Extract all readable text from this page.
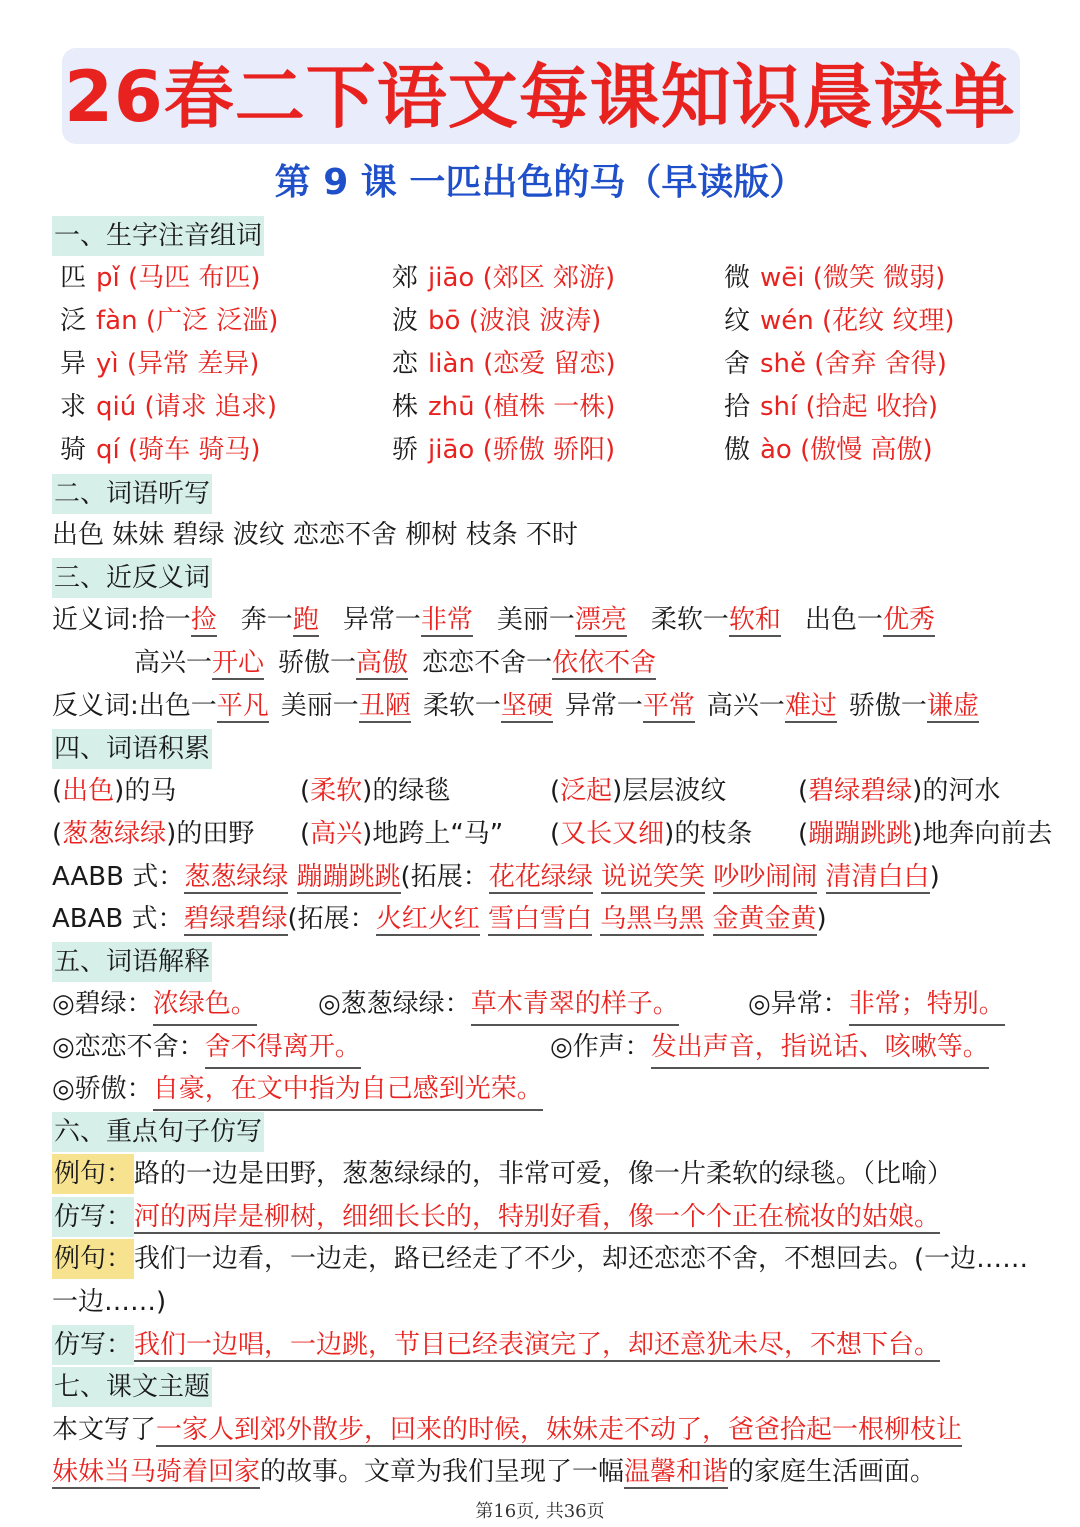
26春二下语文每课知识晨读单
第 9 课 一匹出色的马（早读版）
一、生字注音组词
匹 pǐ (马匹 布匹)	郊 jiāo (郊区 郊游)	微 wēi (微笑 微弱)
泛 fàn (广泛 泛滥)	波 bō (波浪 波涛)	纹 wén (花纹 纹理)
异 yì (异常 差异)	恋 liàn (恋爱 留恋)	舍 shě (舍弃 舍得)
求 qiú (请求 追求)	株 zhū (植株 一株)	拾 shí (拾起 收拾)
骑 qí (骑车 骑马)	骄 jiāo (骄傲 骄阳)	傲 ào (傲慢 高傲)
二、词语听写
出色 妹妹 碧绿 波纹 恋恋不舍 柳树 枝条 不时
三、近反义词
近义词:拾一捡 奔一跑 异常一非常 美丽一漂亮 柔软一软和 出色一优秀
高兴一开心 骄傲一高傲 恋恋不舍一依依不舍
反义词:出色一平凡 美丽一丑陋 柔软一坚硬 异常一平常 高兴一难过 骄傲一谦虚
四、词语积累
(出色)的马	(柔软)的绿毯	(泛起)层层波纹	(碧绿碧绿)的河水
(葱葱绿绿)的田野 (高兴)地跨上“马” (又长又细)的枝条 (蹦蹦跳跳)地奔向前去
AABB 式：葱葱绿绿 蹦蹦跳跳(拓展：花花绿绿 说说笑笑 吵吵闹闹 清清白白)
ABAB 式：碧绿碧绿(拓展：火红火红 雪白雪白 乌黑乌黑 金黄金黄)
五、词语解释
◎碧绿：浓绿色。 ◎葱葱绿绿：草木青翠的样子。	◎异常：非常；特别。
◎恋恋不舍：舍不得离开。	◎作声：发出声音，指说话、咳嗽等。
◎骄傲：自豪，在文中指为自己感到光荣。
六、重点句子仿写
例句：路的一边是田野，葱葱绿绿的，非常可爱，像一片柔软的绿毯。（比喻）
仿写：河的两岸是柳树，细细长长的，特别好看，像一个个正在梳妆的姑娘。
例句：我们一边看，一边走，路已经走了不少，却还恋恋不舍，不想回去。(一边……
一边……)
仿写：我们一边唱，一边跳，节目已经表演完了，却还意犹未尽，不想下台。
七、课文主题
本文写了一家人到郊外散步，回来的时候，妹妹走不动了，爸爸拾起一根柳枝让
妹妹当马骑着回家的故事。文章为我们呈现了一幅温馨和谐的家庭生活画面。
第16页, 共36页
